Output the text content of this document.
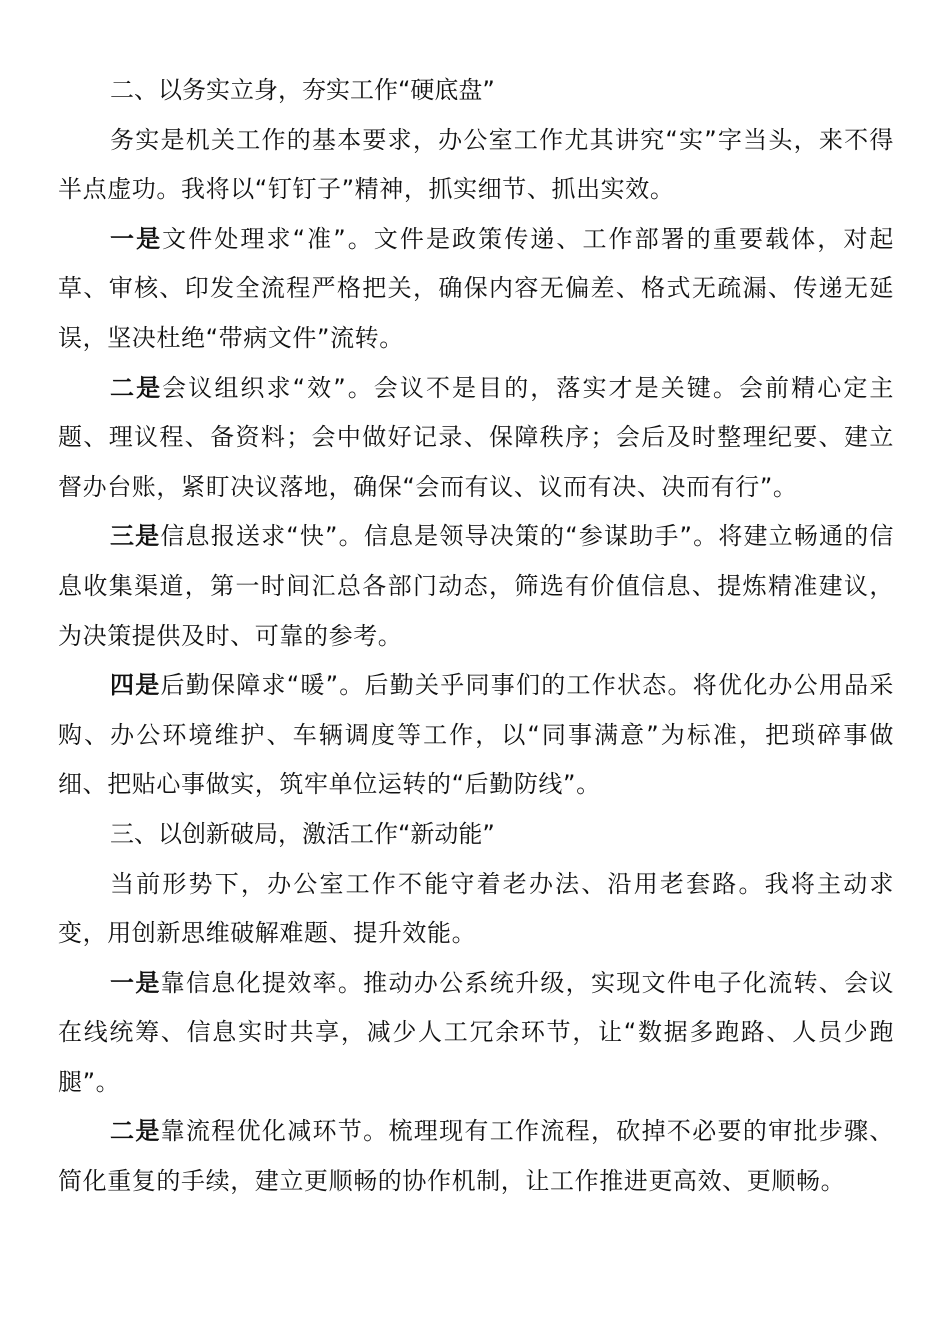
二、以务实立身，夯实工作“硬底盘”

务实是机关工作的基本要求，办公室工作尤其讲究“实”字当头，来不得半点虚功。我将以“钉钉子”精神，抓实细节、抓出实效。

一是文件处理求“准”。文件是政策传递、工作部署的重要载体，对起草、审核、印发全流程严格把关，确保内容无偏差、格式无疏漏、传递无延误，坚决杜绝“带病文件”流转。

二是会议组织求“效”。会议不是目的，落实才是关键。会前精心定主题、理议程、备资料；会中做好记录、保障秩序；会后及时整理纪要、建立督办台账，紧盯决议落地，确保“会而有议、议而有决、决而有行”。

三是信息报送求“快”。信息是领导决策的“参谋助手”。将建立畅通的信息收集渠道，第一时间汇总各部门动态，筛选有价值信息、提炼精准建议，为决策提供及时、可靠的参考。

四是后勤保障求“暖”。后勤关乎同事们的工作状态。将优化办公用品采购、办公环境维护、车辆调度等工作，以“同事满意”为标准，把琐碎事做细、把贴心事做实，筑牢单位运转的“后勤防线”。

三、以创新破局，激活工作“新动能”

当前形势下，办公室工作不能守着老办法、沿用老套路。我将主动求变，用创新思维破解难题、提升效能。

一是靠信息化提效率。推动办公系统升级，实现文件电子化流转、会议在线统筹、信息实时共享，减少人工冗余环节，让“数据多跑路、人员少跑腿”。

二是靠流程优化减环节。梳理现有工作流程，砍掉不必要的审批步骤、简化重复的手续，建立更顺畅的协作机制，让工作推进更高效、更顺畅。
